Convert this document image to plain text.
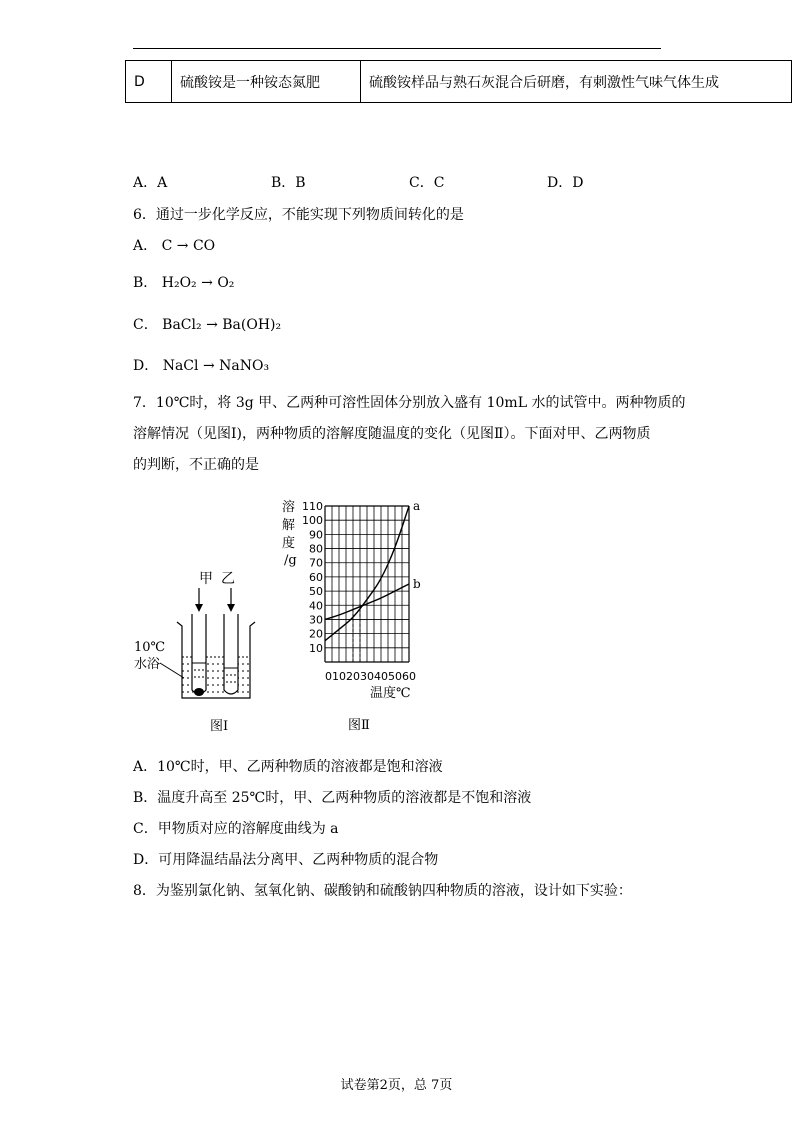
D	硫酸铵是一种铵态氮肥	硫酸铵样品与熟石灰混合后研磨，有刺激性气味气体生成
A．A	B．B	C．C	D．D
6．通过一步化学反应，不能实现下列物质间转化的是
A． C → CO
B． H₂O₂ → O₂
C． BaCl₂ → Ba(OH)₂
D． NaCl → NaNO₃
7．10℃时，将 3g 甲、乙两种可溶性固体分别放入盛有 10mL 水的试管中。两种物质的
溶解情况（见图Ⅰ)，两种物质的溶解度随温度的变化（见图Ⅱ）。下面对甲、乙两物质
的判断，不正确的是
甲 乙
10℃
水浴
图Ⅰ
溶
解
度
/g
10
20
30
40
50
60
70
80
90
100
110	a
b
0102030405060
温度℃
图Ⅱ
A．10℃时，甲、乙两种物质的溶液都是饱和溶液
B．温度升高至 25℃时，甲、乙两种物质的溶液都是不饱和溶液
C．甲物质对应的溶解度曲线为 a
D．可用降温结晶法分离甲、乙两种物质的混合物
8．为鉴别氯化钠、氢氧化钠、碳酸钠和硫酸钠四种物质的溶液，设计如下实验：
试卷第2页，总 7页
